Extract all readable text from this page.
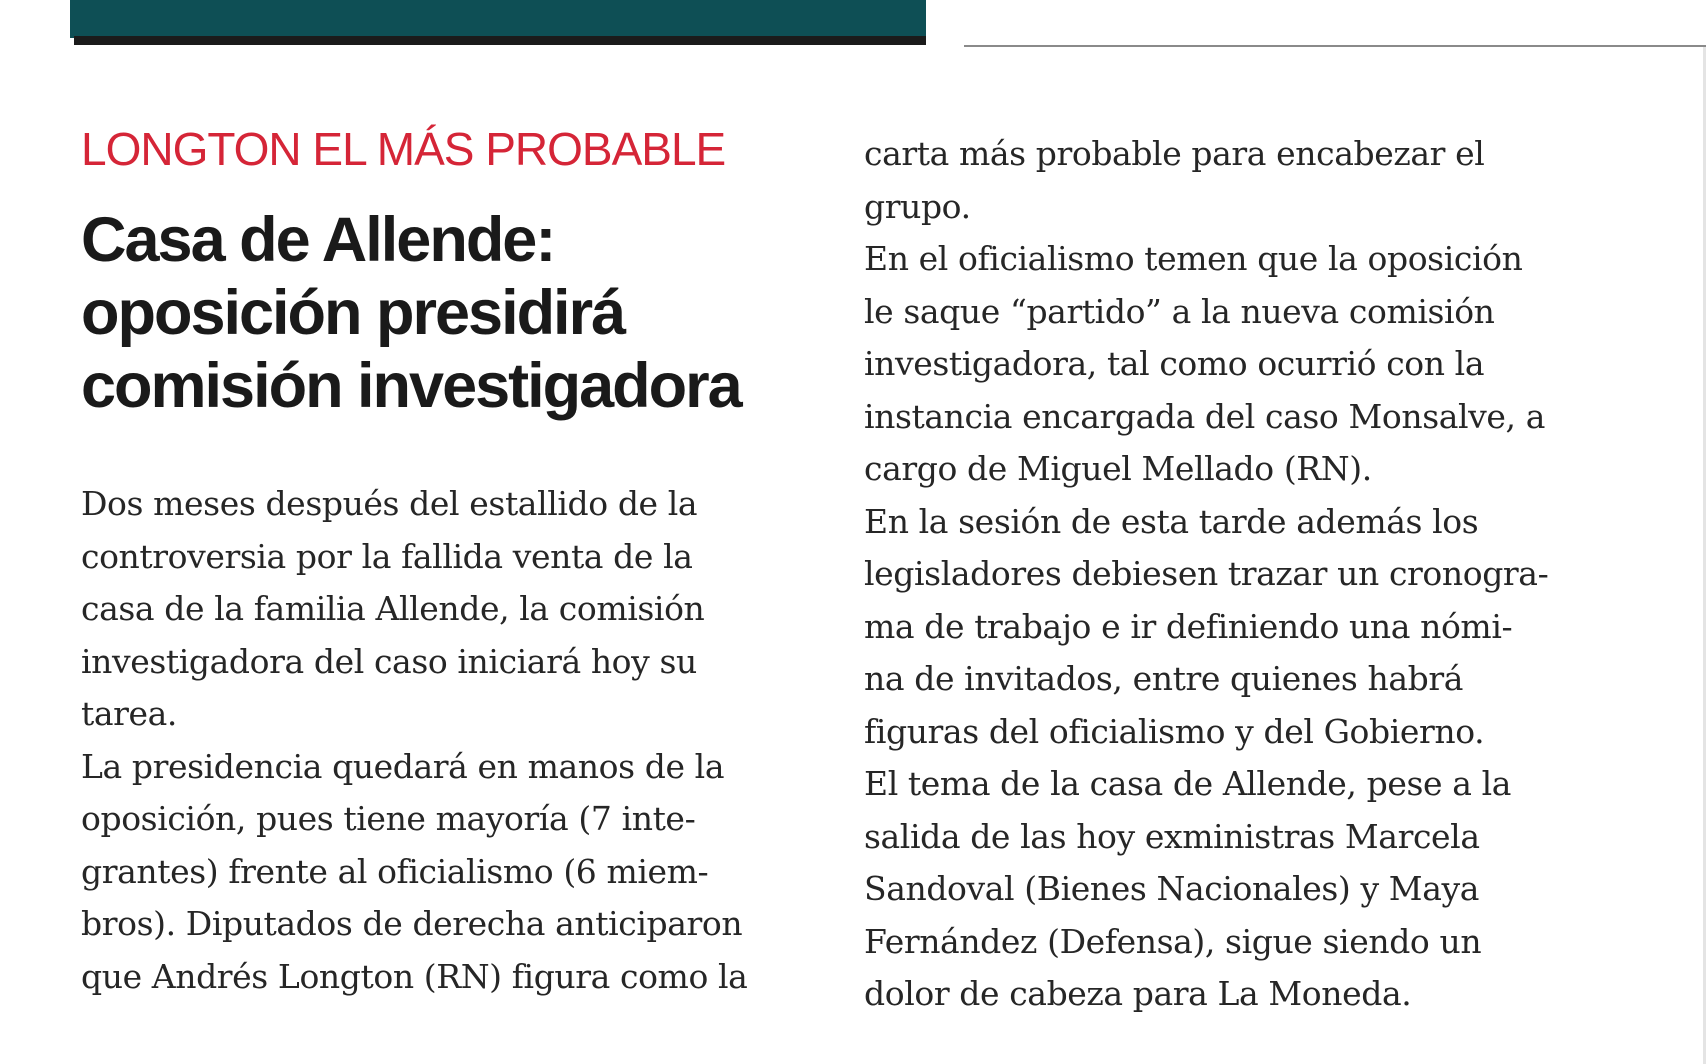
LONGTON EL MÁS PROBABLE

Casa de Allende:
oposición presidirá
comisión investigadora
Dos meses después del estallido de la
controversia por la fallida venta de la
casa de la familia Allende, la comisión
investigadora del caso iniciará hoy su
tarea.
La presidencia quedará en manos de la
oposición, pues tiene mayoría (7 inte-
grantes) frente al oficialismo (6 miem-
bros). Diputados de derecha anticiparon
que Andrés Longton (RN) figura como la
carta más probable para encabezar el
grupo.
En el oficialismo temen que la oposición
le saque “partido” a la nueva comisión
investigadora, tal como ocurrió con la
instancia encargada del caso Monsalve, a
cargo de Miguel Mellado (RN).
En la sesión de esta tarde además los
legisladores debiesen trazar un cronogra-
ma de trabajo e ir definiendo una nómi-
na de invitados, entre quienes habrá
figuras del oficialismo y del Gobierno.
El tema de la casa de Allende, pese a la
salida de las hoy exministras Marcela
Sandoval (Bienes Nacionales) y Maya
Fernández (Defensa), sigue siendo un
dolor de cabeza para La Moneda.
